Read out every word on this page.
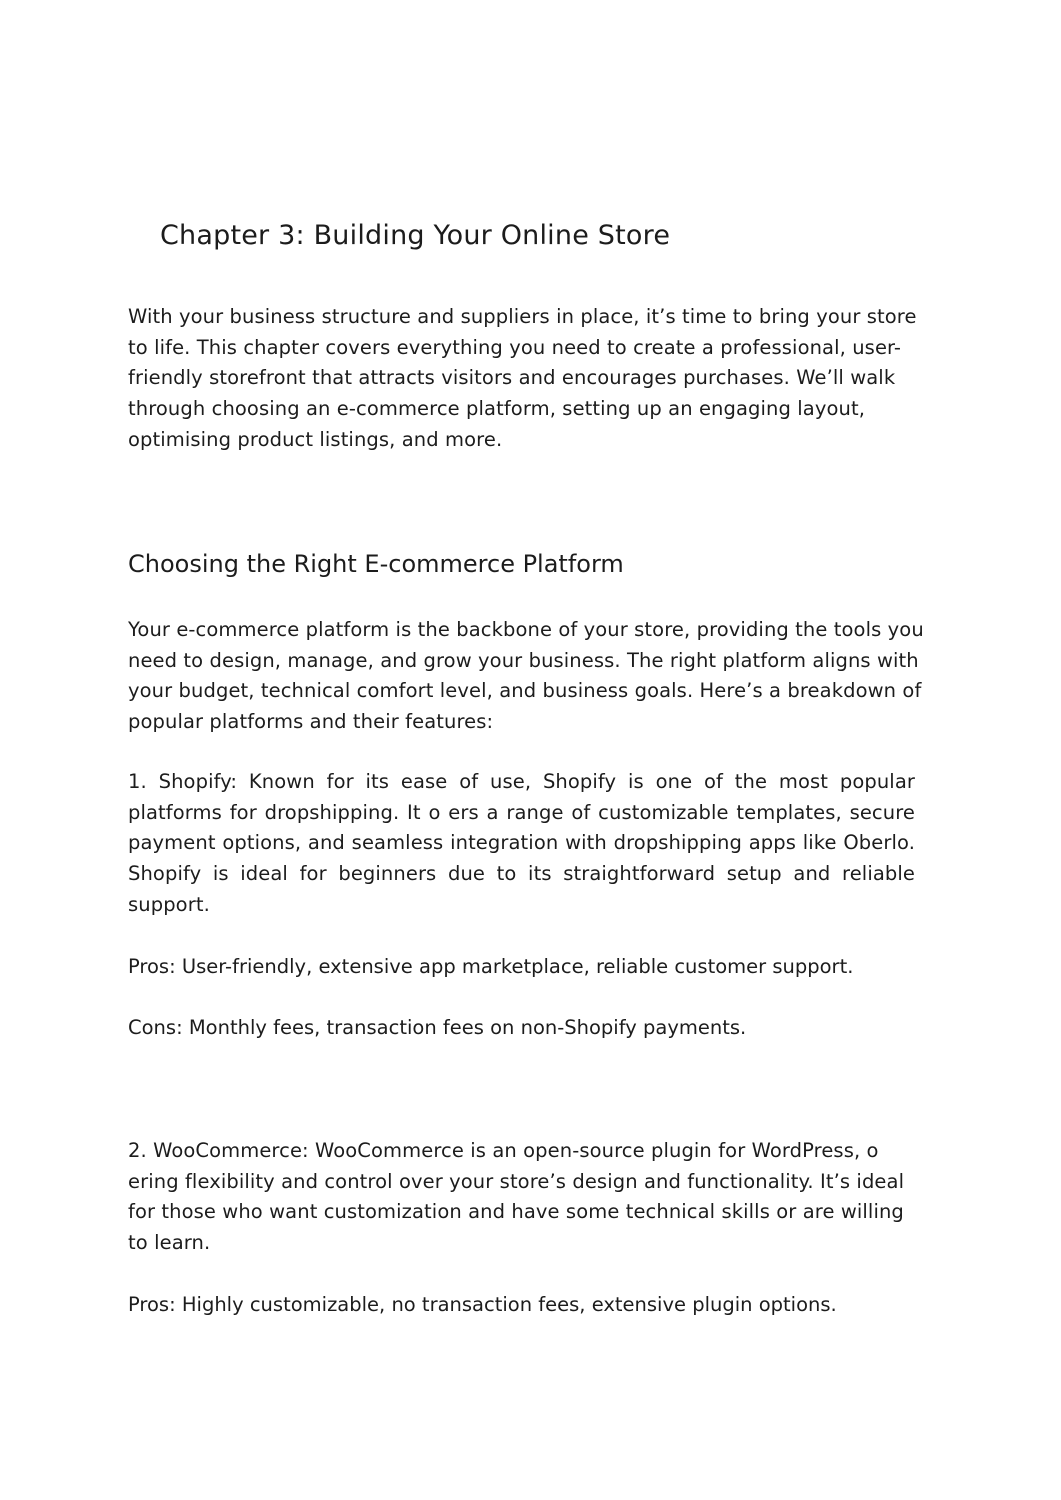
Chapter 3: Building Your Online Store

With your business structure and suppliers in place, it’s time to bring your store to life. This chapter covers everything you need to create a professional, user-friendly storefront that attracts visitors and encourages purchases. We’ll walk through choosing an e-commerce platform, setting up an engaging layout, optimising product listings, and more.

Choosing the Right E-commerce Platform

Your e-commerce platform is the backbone of your store, providing the tools you need to design, manage, and grow your business. The right platform aligns with your budget, technical comfort level, and business goals. Here’s a breakdown of popular platforms and their features:

1. Shopify: Known for its ease of use, Shopify is one of the most popular platforms for dropshipping. It o ers a range of customizable templates, secure payment options, and seamless integration with dropshipping apps like Oberlo. Shopify is ideal for beginners due to its straightforward setup and reliable support.

Pros: User-friendly, extensive app marketplace, reliable customer support.

Cons: Monthly fees, transaction fees on non-Shopify payments.

2. WooCommerce: WooCommerce is an open-source plugin for WordPress, o ering flexibility and control over your store’s design and functionality. It’s ideal for those who want customization and have some technical skills or are willing to learn.

Pros: Highly customizable, no transaction fees, extensive plugin options.
